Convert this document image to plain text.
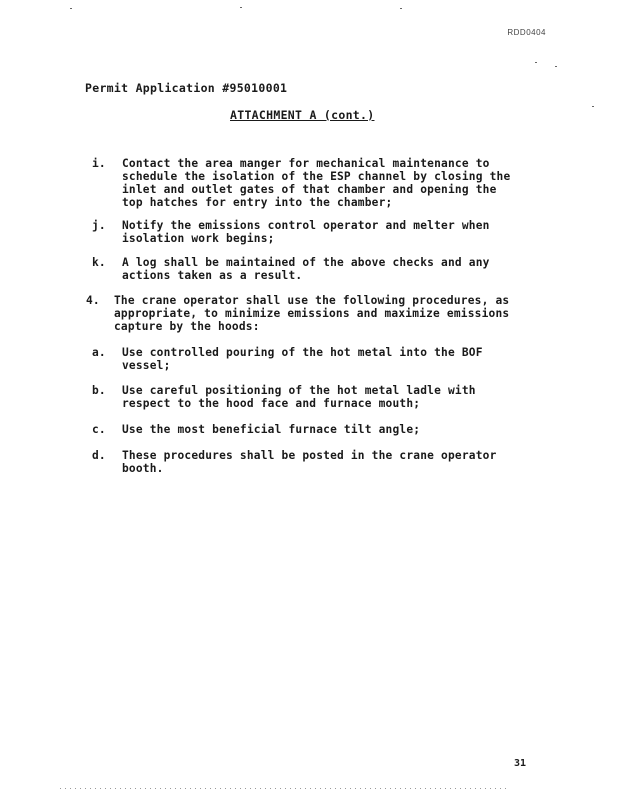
RDD0404
Permit Application #95010001
ATTACHMENT A (cont.)
i. Contact the area manger for mechanical maintenance to schedule the isolation of the ESP channel by closing the inlet and outlet gates of that chamber and opening the top hatches for entry into the chamber;
j. Notify the emissions control operator and melter when isolation work begins;
k. A log shall be maintained of the above checks and any actions taken as a result.
4. The crane operator shall use the following procedures, as appropriate, to minimize emissions and maximize emissions capture by the hoods:
a. Use controlled pouring of the hot metal into the BOF vessel;
b. Use careful positioning of the hot metal ladle with respect to the hood face and furnace mouth;
c. Use the most beneficial furnace tilt angle;
d. These procedures shall be posted in the crane operator booth.
31
